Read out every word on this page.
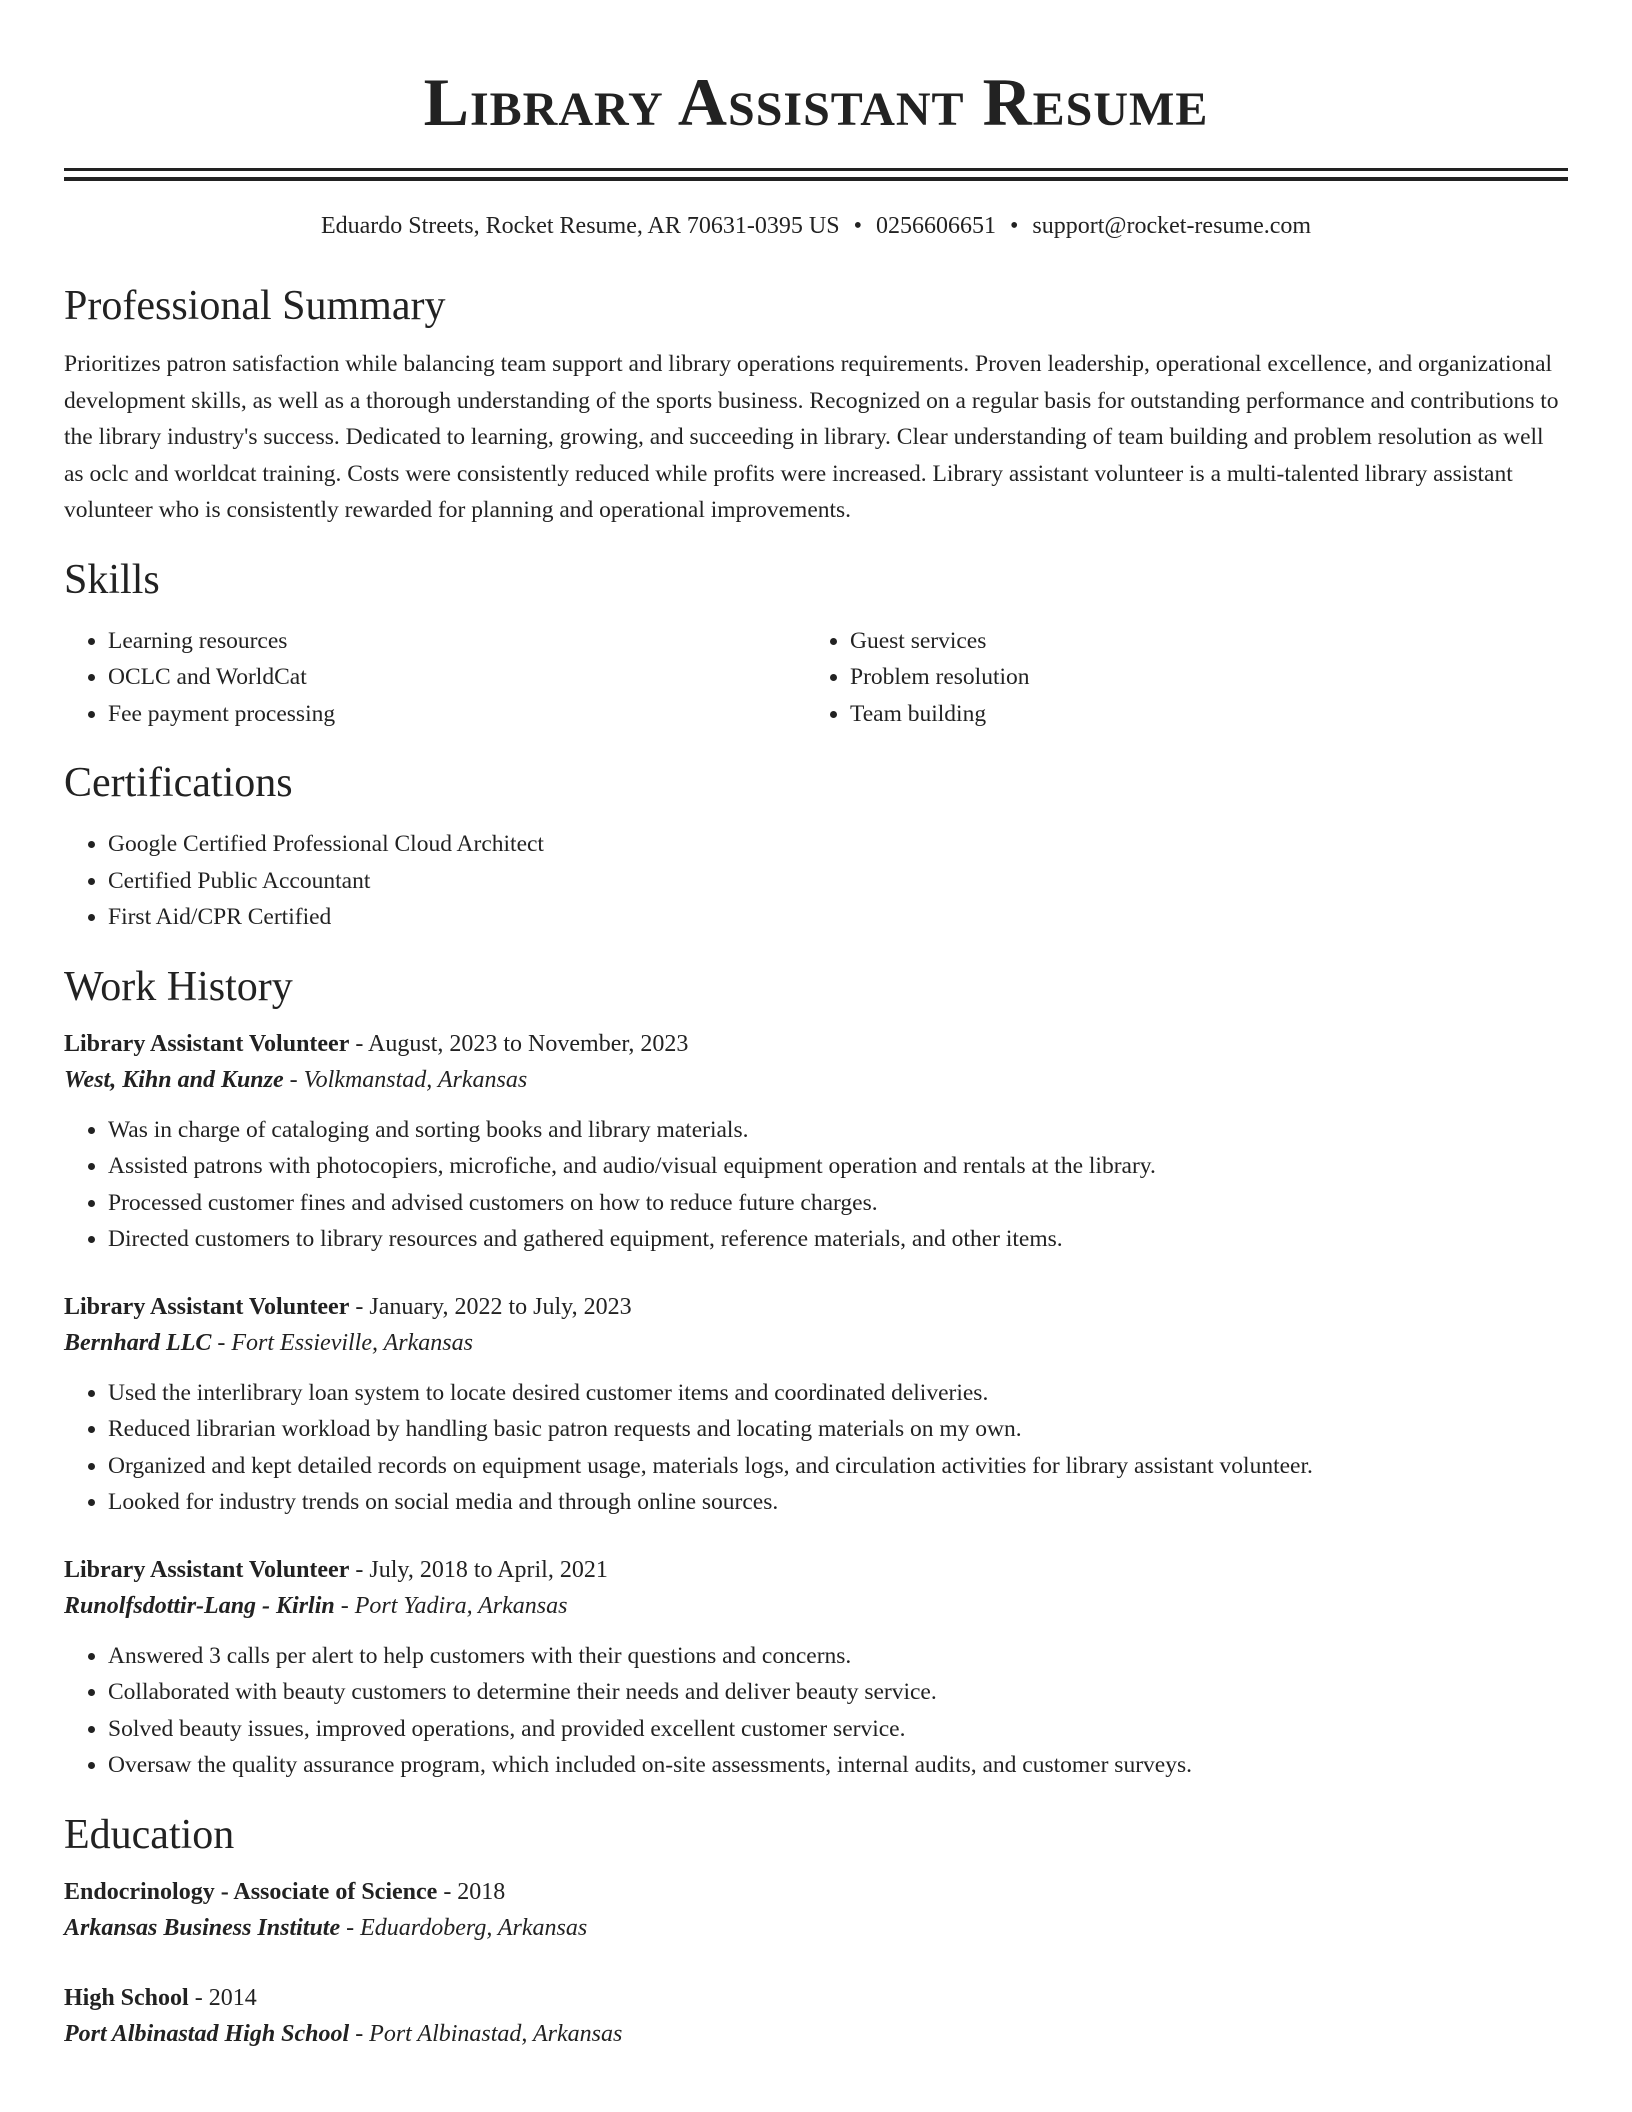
Library Assistant Resume
Eduardo Streets, Rocket Resume, AR 70631-0395 US • 0256606651 • support@rocket-resume.com
Professional Summary
Prioritizes patron satisfaction while balancing team support and library operations requirements. Proven leadership, operational excellence, and organizational development skills, as well as a thorough understanding of the sports business. Recognized on a regular basis for outstanding performance and contributions to the library industry's success. Dedicated to learning, growing, and succeeding in library. Clear understanding of team building and problem resolution as well as oclc and worldcat training. Costs were consistently reduced while profits were increased. Library assistant volunteer is a multi-talented library assistant volunteer who is consistently rewarded for planning and operational improvements.
Skills
• Learning resources
• OCLC and WorldCat
• Fee payment processing
• Guest services
• Problem resolution
• Team building
Certifications
• Google Certified Professional Cloud Architect
• Certified Public Accountant
• First Aid/CPR Certified
Work History
Library Assistant Volunteer - August, 2023 to November, 2023
West, Kihn and Kunze - Volkmanstad, Arkansas
• Was in charge of cataloging and sorting books and library materials.
• Assisted patrons with photocopiers, microfiche, and audio/visual equipment operation and rentals at the library.
• Processed customer fines and advised customers on how to reduce future charges.
• Directed customers to library resources and gathered equipment, reference materials, and other items.
Library Assistant Volunteer - January, 2022 to July, 2023
Bernhard LLC - Fort Essieville, Arkansas
• Used the interlibrary loan system to locate desired customer items and coordinated deliveries.
• Reduced librarian workload by handling basic patron requests and locating materials on my own.
• Organized and kept detailed records on equipment usage, materials logs, and circulation activities for library assistant volunteer.
• Looked for industry trends on social media and through online sources.
Library Assistant Volunteer - July, 2018 to April, 2021
Runolfsdottir-Lang - Kirlin - Port Yadira, Arkansas
• Answered 3 calls per alert to help customers with their questions and concerns.
• Collaborated with beauty customers to determine their needs and deliver beauty service.
• Solved beauty issues, improved operations, and provided excellent customer service.
• Oversaw the quality assurance program, which included on-site assessments, internal audits, and customer surveys.
Education
Endocrinology - Associate of Science - 2018
Arkansas Business Institute - Eduardoberg, Arkansas
High School - 2014
Port Albinastad High School - Port Albinastad, Arkansas
